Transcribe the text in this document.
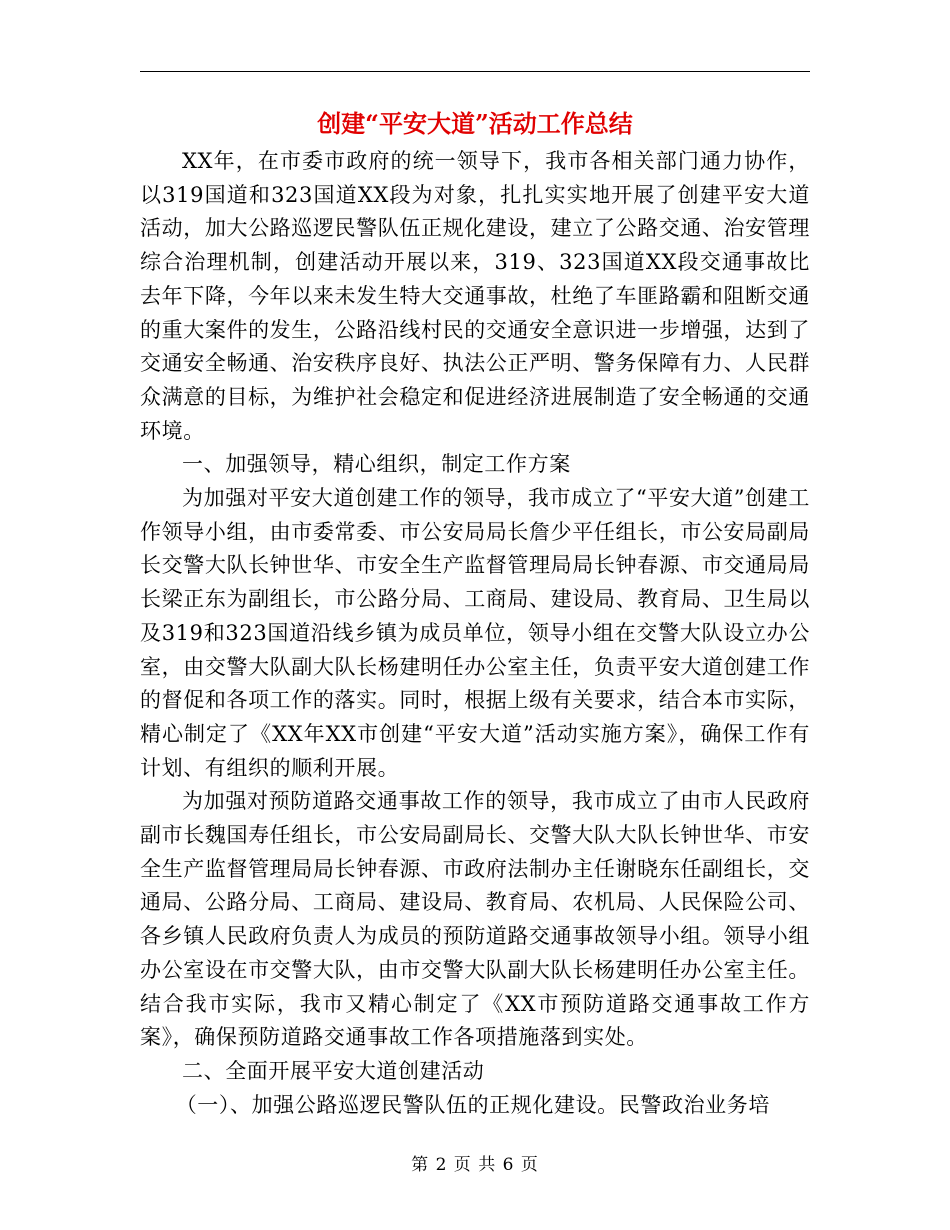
创建“平安大道”活动工作总结

XX年，在市委市政府的统一领导下，我市各相关部门通力协作，以319国道和323国道XX段为对象，扎扎实实地开展了创建平安大道活动，加大公路巡逻民警队伍正规化建设，建立了公路交通、治安管理综合治理机制，创建活动开展以来，319、323国道XX段交通事故比去年下降，今年以来未发生特大交通事故，杜绝了车匪路霸和阻断交通的重大案件的发生，公路沿线村民的交通安全意识进一步增强，达到了交通安全畅通、治安秩序良好、执法公正严明、警务保障有力、人民群众满意的目标，为维护社会稳定和促进经济进展制造了安全畅通的交通环境。

一、加强领导，精心组织，制定工作方案

为加强对平安大道创建工作的领导，我市成立了“平安大道”创建工作领导小组，由市委常委、市公安局局长詹少平任组长，市公安局副局长交警大队长钟世华、市安全生产监督管理局局长钟春源、市交通局局长梁正东为副组长，市公路分局、工商局、建设局、教育局、卫生局以及319和323国道沿线乡镇为成员单位，领导小组在交警大队设立办公室，由交警大队副大队长杨建明任办公室主任，负责平安大道创建工作的督促和各项工作的落实。同时，根据上级有关要求，结合本市实际，精心制定了《XX年XX市创建“平安大道”活动实施方案》，确保工作有计划、有组织的顺利开展。

为加强对预防道路交通事故工作的领导，我市成立了由市人民政府副市长魏国寿任组长，市公安局副局长、交警大队大队长钟世华、市安全生产监督管理局局长钟春源、市政府法制办主任谢晓东任副组长，交通局、公路分局、工商局、建设局、教育局、农机局、人民保险公司、各乡镇人民政府负责人为成员的预防道路交通事故领导小组。领导小组办公室设在市交警大队，由市交警大队副大队长杨建明任办公室主任。结合我市实际，我市又精心制定了《XX市预防道路交通事故工作方案》，确保预防道路交通事故工作各项措施落到实处。

二、全面开展平安大道创建活动

（一）、加强公路巡逻民警队伍的正规化建设。民警政治业务培

第 2 页 共 6 页
